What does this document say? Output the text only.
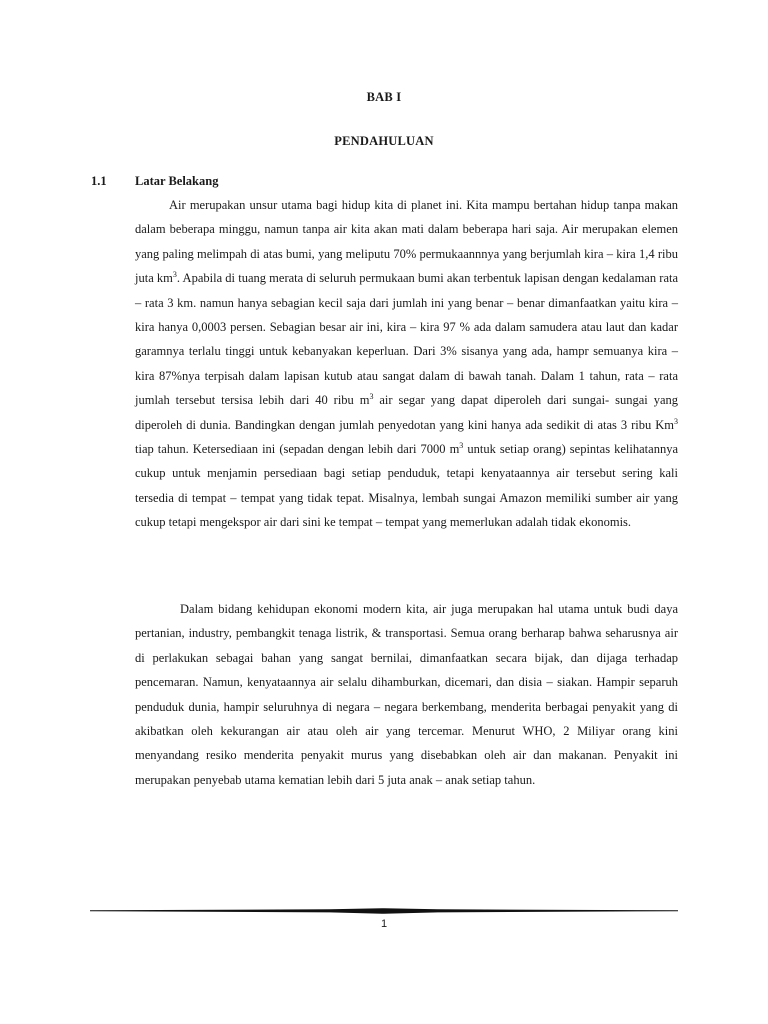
BAB I
PENDAHULUAN
1.1 Latar Belakang

Air merupakan unsur utama bagi hidup kita di planet ini. Kita mampu bertahan hidup tanpa makan dalam beberapa minggu, namun tanpa air kita akan mati dalam beberapa hari saja. Air merupakan elemen yang paling melimpah di atas bumi, yang meliputu 70% permukaannnya yang berjumlah kira – kira 1,4 ribu juta $km^3$. Apabila di tuang merata di seluruh permukaan bumi akan terbentuk lapisan dengan kedalaman rata – rata 3 km. namun hanya sebagian kecil saja dari jumlah ini yang benar – benar dimanfaatkan yaitu kira – kira hanya 0,0003 persen. Sebagian besar air ini, kira – kira 97 % ada dalam samudera atau laut dan kadar garamnya terlalu tinggi untuk kebanyakan keperluan. Dari 3% sisanya yang ada, hampr semuanya kira – kira 87%nya terpisah dalam lapisan kutub atau sangat dalam di bawah tanah. Dalam 1 tahun, rata – rata jumlah tersebut tersisa lebih dari 40 ribu $m^3$ air segar yang dapat diperoleh dari sungai- sungai yang diperoleh di dunia. Bandingkan dengan jumlah penyedotan yang kini hanya ada sedikit di atas 3 ribu Km$^3$ tiap tahun. Ketersediaan ini (sepadan dengan lebih dari 7000 $m^3$ untuk setiap orang) sepintas kelihatannya cukup untuk menjamin persediaan bagi setiap penduduk, tetapi kenyataannya air tersebut sering kali tersedia di tempat – tempat yang tidak tepat. Misalnya, lembah sungai Amazon memiliki sumber air yang cukup tetapi mengekspor air dari sini ke tempat – tempat yang memerlukan adalah tidak ekonomis.

Dalam bidang kehidupan ekonomi modern kita, air juga merupakan hal utama untuk budi daya pertanian, industry, pembangkit tenaga listrik, & transportasi. Semua orang berharap bahwa seharusnya air di perlakukan sebagai bahan yang sangat bernilai, dimanfaatkan secara bijak, dan dijaga terhadap pencemaran. Namun, kenyataannya air selalu dihamburkan, dicemari, dan disia – siakan. Hampir separuh penduduk dunia, hampir seluruhnya di negara – negara berkembang, menderita berbagai penyakit yang di akibatkan oleh kekurangan air atau oleh air yang tercemar. Menurut WHO, 2 Miliyar orang kini menyandang resiko menderita penyakit murus yang disebabkan oleh air dan makanan. Penyakit ini merupakan penyebab utama kematian lebih dari 5 juta anak – anak setiap tahun.

1
